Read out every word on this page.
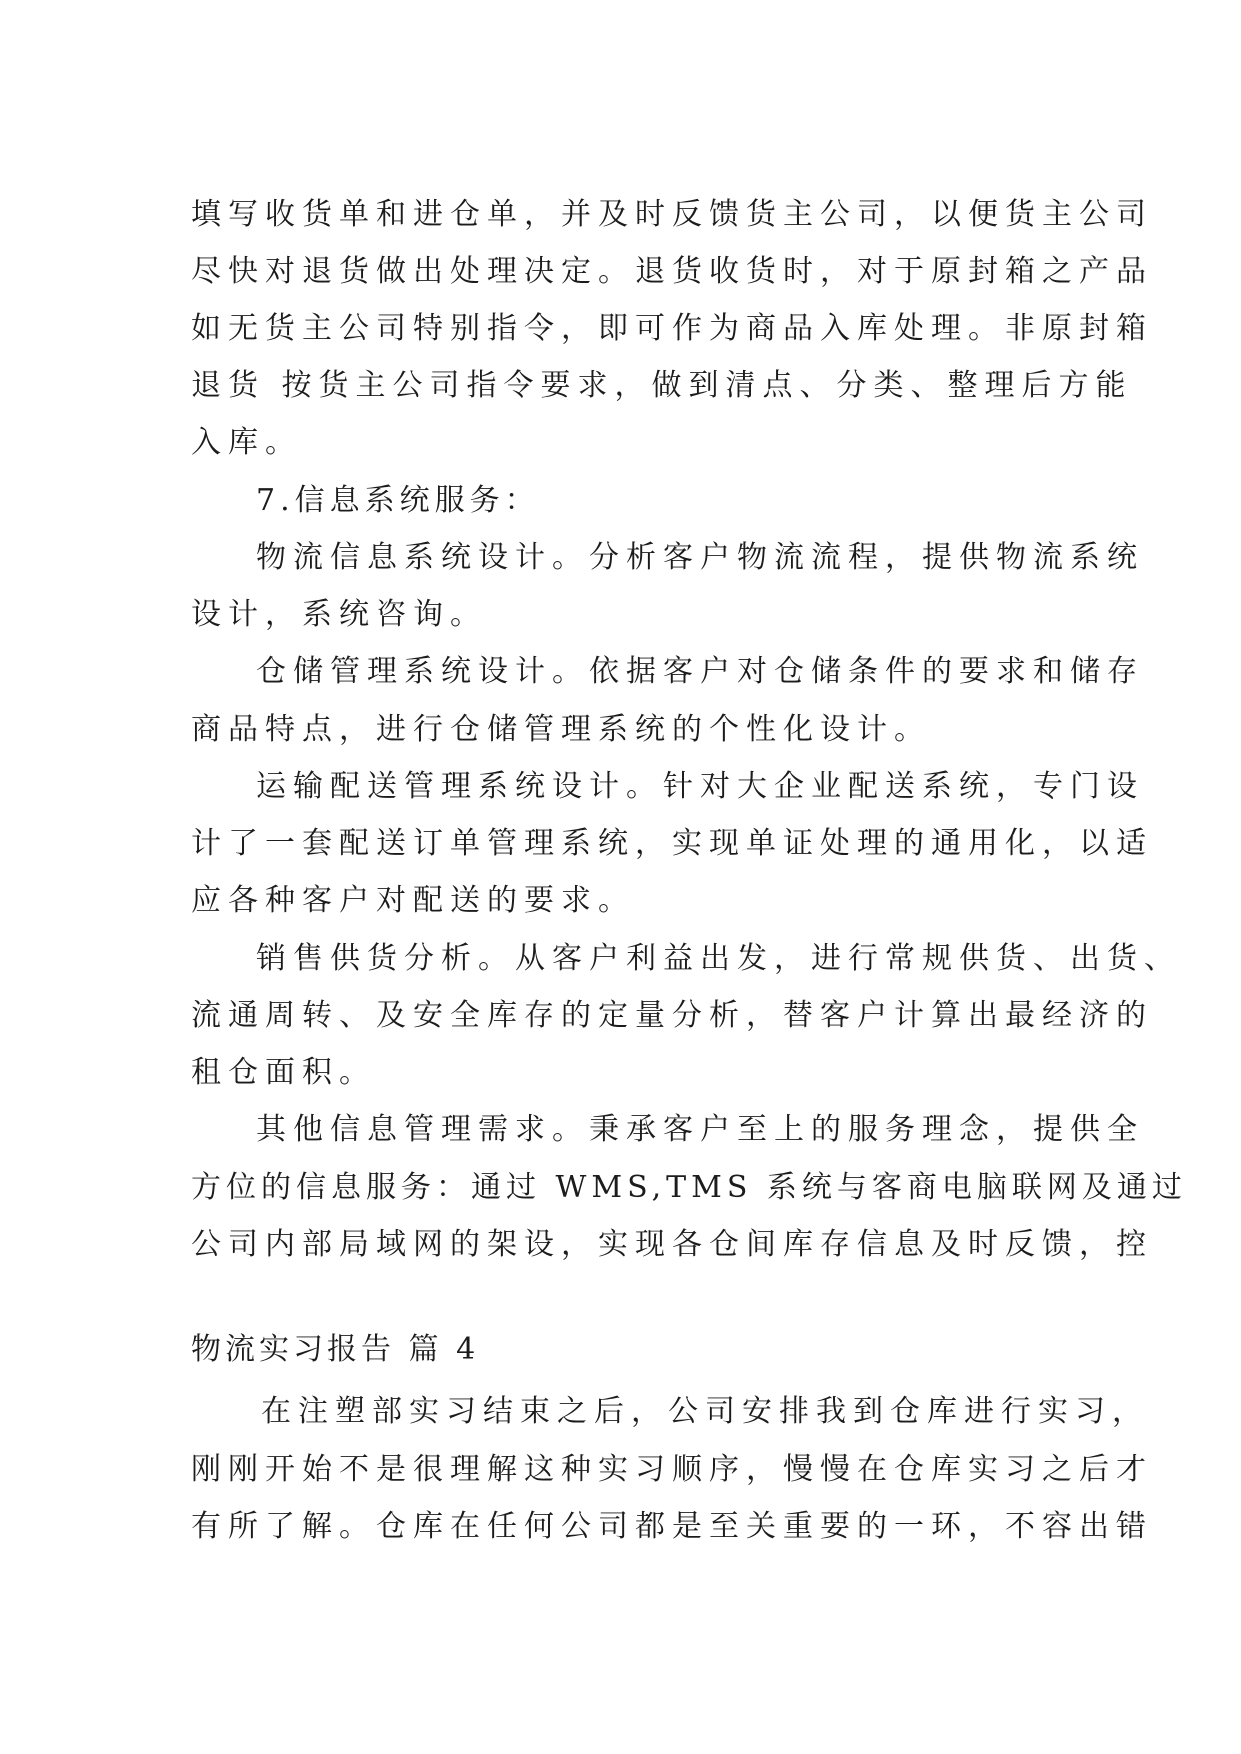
填写收货单和进仓单，并及时反馈货主公司，以便货主公司

尽快对退货做出处理决定。退货收货时，对于原封箱之产品

如无货主公司特别指令，即可作为商品入库处理。非原封箱

退货 按货主公司指令要求，做到清点、分类、整理后方能

入库。

7.信息系统服务：

物流信息系统设计。分析客户物流流程，提供物流系统

设计，系统咨询。

仓储管理系统设计。依据客户对仓储条件的要求和储存

商品特点，进行仓储管理系统的个性化设计。

运输配送管理系统设计。针对大企业配送系统，专门设

计了一套配送订单管理系统，实现单证处理的通用化，以适

应各种客户对配送的要求。

销售供货分析。从客户利益出发，进行常规供货、出货、

流通周转、及安全库存的定量分析，替客户计算出最经济的

租仓面积。

其他信息管理需求。秉承客户至上的服务理念，提供全

方位的信息服务：通过 WMS,TMS 系统与客商电脑联网及通过

公司内部局域网的架设，实现各仓间库存信息及时反馈，控

物流实习报告 篇 4

在注塑部实习结束之后，公司安排我到仓库进行实习，

刚刚开始不是很理解这种实习顺序，慢慢在仓库实习之后才

有所了解。仓库在任何公司都是至关重要的一环，不容出错
